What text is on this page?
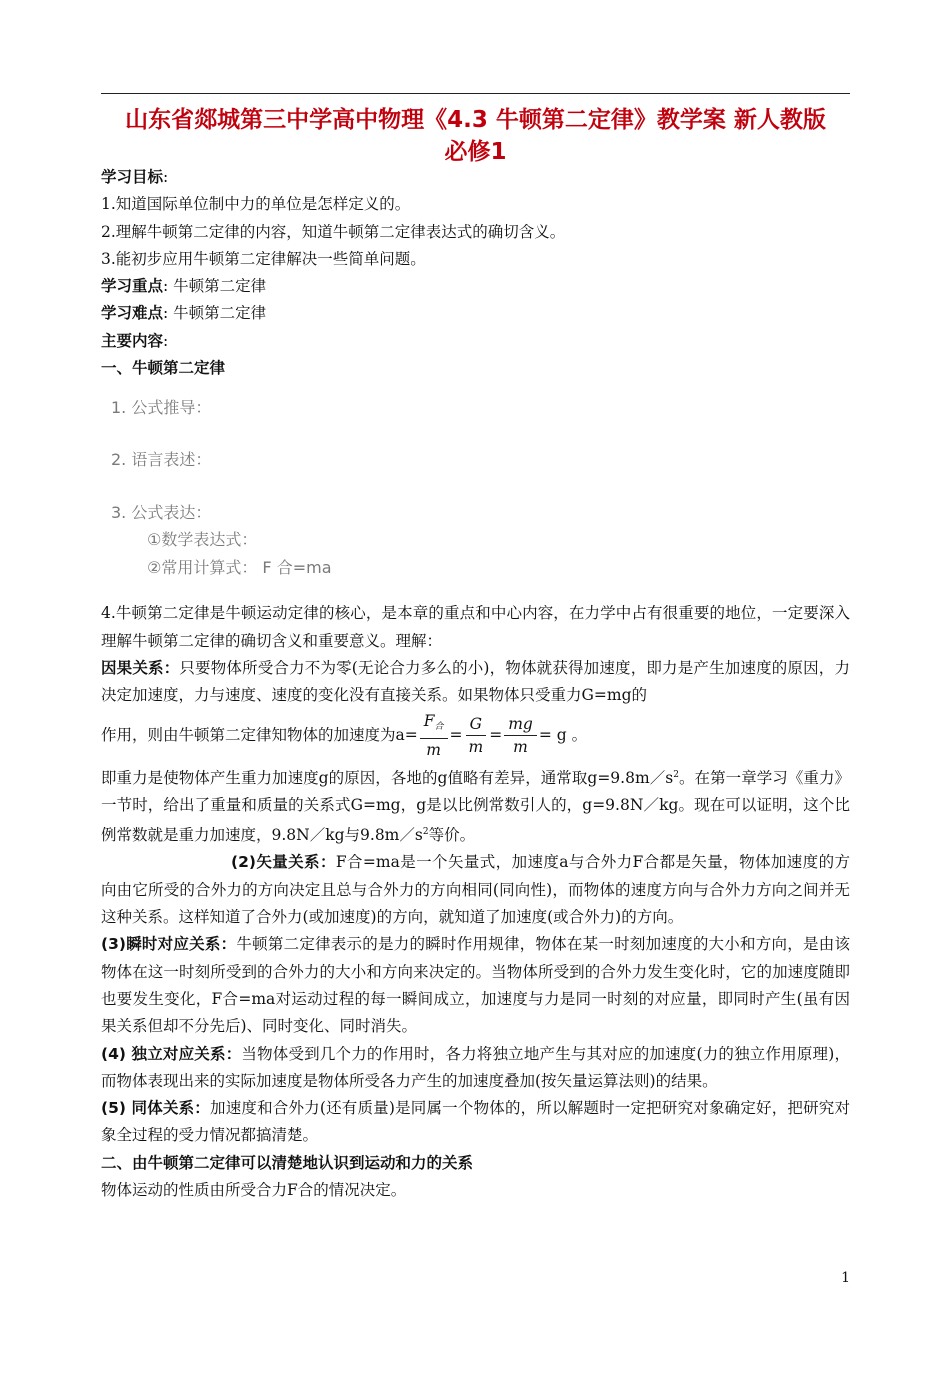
山东省郯城第三中学高中物理《4.3 牛顿第二定律》教学案 新人教版
必修1
学习目标:
1.知道国际单位制中力的单位是怎样定义的。
2.理解牛顿第二定律的内容，知道牛顿第二定律表达式的确切含义。
3.能初步应用牛顿第二定律解决一些简单问题。
学习重点: 牛顿第二定律
学习难点: 牛顿第二定律
主要内容:
一、牛顿第二定律
1. 公式推导：
2. 语言表述：
3. 公式表达：
①数学表达式：
②常用计算式： F 合=ma
4.牛顿第二定律是牛顿运动定律的核心，是本章的重点和中心内容，在力学中占有很重要的地位，一定要深入理解牛顿第二定律的确切含义和重要意义。理解：
因果关系：只要物体所受合力不为零(无论合力多么的小)，物体就获得加速度，即力是产生加速度的原因，力决定加速度，力与速度、速度的变化没有直接关系。如果物体只受重力G=mg的
作用，则由牛顿第二定律知物体的加速度为$a= \frac{F_合}{m} = \frac{G}{m} = \frac{mg}{m} = g$ 。
即重力是使物体产生重力加速度g的原因，各地的g值略有差异，通常取$g=9.8m/s^2$。在第一章学习《重力》一节时，给出了重量和质量的关系式G=mg，g是以比例常数引人的，g=9.8N／kg。现在可以证明，这个比例常数就是重力加速度，9.8N／kg与$9.8m/s^2$等价。
(2)矢量关系：F合=ma是一个矢量式，加速度a与合外力F合都是矢量，物体加速度的方向由它所受的合外力的方向决定且总与合外力的方向相同(同向性)，而物体的速度方向与合外力方向之间并无这种关系。这样知道了合外力(或加速度)的方向，就知道了加速度(或合外力)的方向。
(3)瞬时对应关系：牛顿第二定律表示的是力的瞬时作用规律，物体在某一时刻加速度的大小和方向，是由该物体在这一时刻所受到的合外力的大小和方向来决定的。当物体所受到的合外力发生变化时，它的加速度随即也要发生变化，F合=ma对运动过程的每一瞬间成立，加速度与力是同一时刻的对应量，即同时产生(虽有因果关系但却不分先后)、同时变化、同时消失。
(4) 独立对应关系：当物体受到几个力的作用时，各力将独立地产生与其对应的加速度(力的独立作用原理)，而物体表现出来的实际加速度是物体所受各力产生的加速度叠加(按矢量运算法则)的结果。
(5) 同体关系：加速度和合外力(还有质量)是同属一个物体的，所以解题时一定把研究对象确定好，把研究对象全过程的受力情况都搞清楚。
二、由牛顿第二定律可以清楚地认识到运动和力的关系
物体运动的性质由所受合力F合的情况决定。
1
